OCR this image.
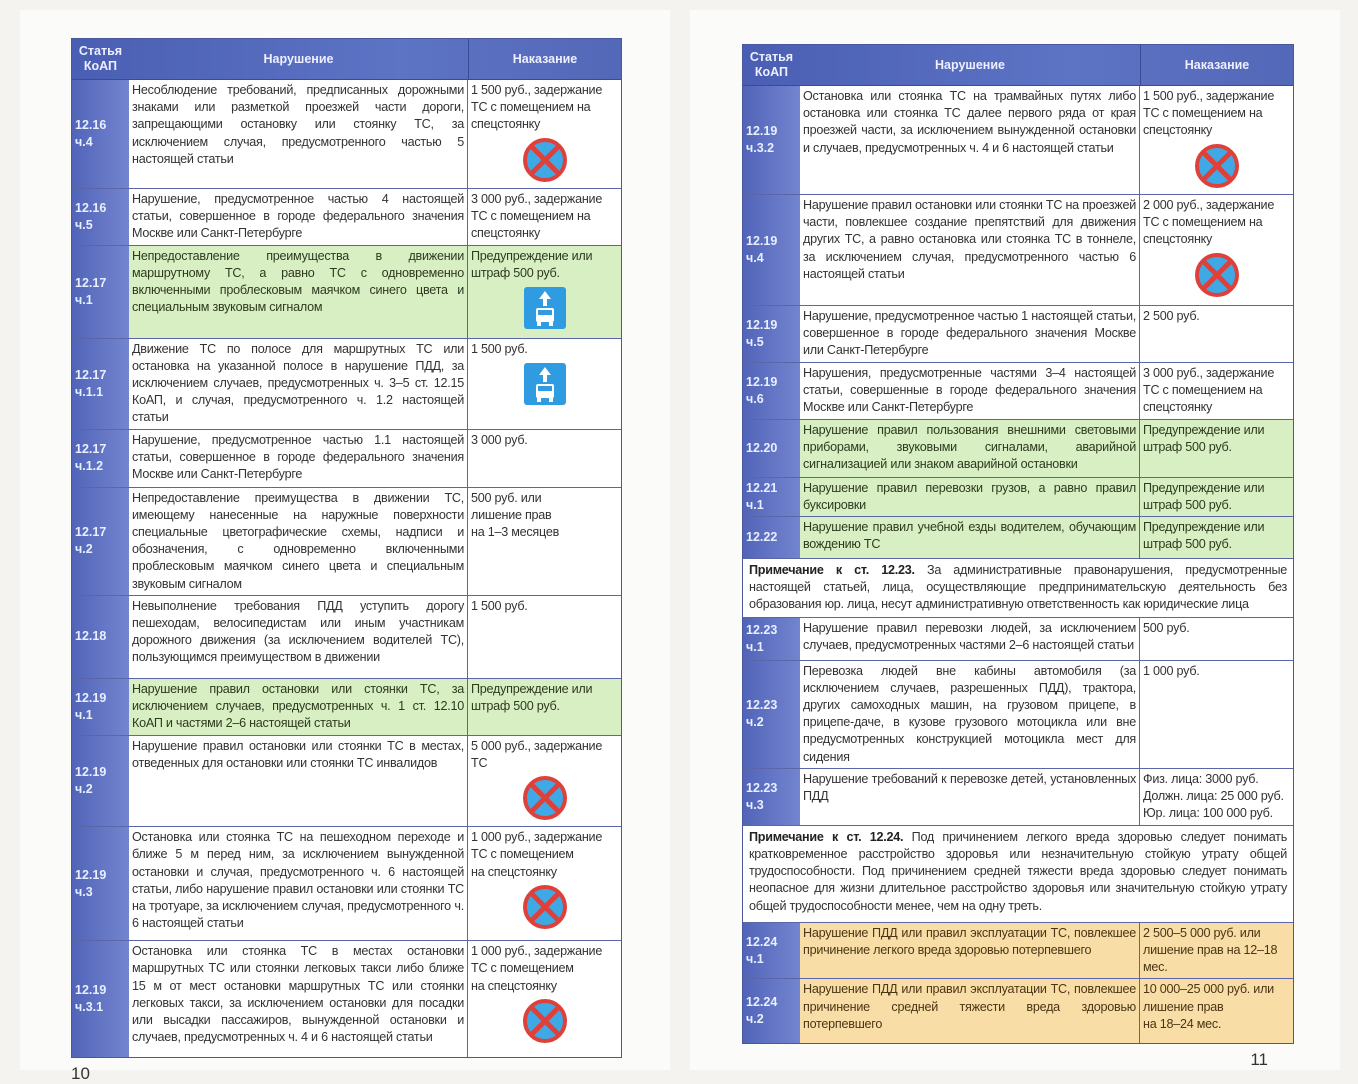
Статья
КоАП
Нарушение	Наказание
12.16
ч.4
Несоблюдение требований, предписанных дорожными знаками или разметкой проезжей части дороги, запрещающими остановку или стоянку ТС, за исключением случая, предусмотренного частью 5 настоящей статьи
1 500 руб., задержание ТС с помещением на спецстоянку
12.16
ч.5
Нарушение, предусмотренное частью 4 настоящей статьи, совершенное в городе федерального значения Москве или Санкт-Петербурге
3 000 руб., задержание ТС с помещением на спецстоянку
12.17
ч.1
Непредоставление преимущества в движении маршрутному ТС, а равно ТС с одновременно включенными проблесковым маячком синего цвета и специальным звуковым сигналом
Предупреждение или штраф 500 руб.
12.17
ч.1.1
Движение ТС по полосе для маршрутных ТС или остановка на указанной полосе в нарушение ПДД, за исключением случаев, предусмотренных ч. 3–5 ст. 12.15 КоАП, и случая, предусмотренного ч. 1.2 настоящей статьи
1 500 руб.
12.17
ч.1.2
Нарушение, предусмотренное частью 1.1 настоящей статьи, совершенное в городе федерального значения Москве или Санкт-Петербурге
3 000 руб.
12.17
ч.2
Непредоставление преимущества в движении ТС, имеющему нанесенные на наружные поверхности специальные цветографические схемы, надписи и обозначения, с одновременно включенными проблесковым маячком синего цвета и специальным звуковым сигналом
500 руб. или
лишение прав
на 1–3 месяцев
12.18
Невыполнение требования ПДД уступить дорогу пешеходам, велосипедистам или иным участникам дорожного движения (за исключением водителей ТС), пользующимся преимуществом в движении
1 500 руб.
12.19
ч.1
Нарушение правил остановки или стоянки ТС, за исключением случаев, предусмотренных ч. 1 ст. 12.10 КоАП и частями 2–6 настоящей статьи
Предупреждение или штраф 500 руб.
12.19
ч.2
Нарушение правил остановки или стоянки ТС в местах, отведенных для остановки или стоянки ТС инвалидов
5 000 руб., задержание ТС
12.19
ч.3
Остановка или стоянка ТС на пешеходном переходе и ближе 5 м перед ним, за исключением вынужденной остановки и случая, предусмотренного ч. 6 настоящей статьи, либо нарушение правил остановки или стоянки ТС на тротуаре, за исключением случая, предусмотренного ч. 6 настоящей статьи
1 000 руб., задержание ТС с помещением
на спецстоянку
12.19
ч.3.1
Остановка или стоянка ТС в местах остановки маршрутных ТС или стоянки легковых такси либо ближе 15 м от мест остановки маршрутных ТС или стоянки легковых такси, за исключением остановки для посадки или высадки пассажиров, вынужденной остановки и случаев, предусмотренных ч. 4 и 6 настоящей статьи
1 000 руб., задержание ТС с помещением
на спецстоянку
10
Статья
КоАП
Нарушение	Наказание
12.19
ч.3.2
Остановка или стоянка ТС на трамвайных путях либо остановка или стоянка ТС далее первого ряда от края проезжей части, за исключением вынужденной остановки и случаев, предусмотренных ч. 4 и 6 настоящей статьи
1 500 руб., задержание ТС с помещением на спецстоянку
12.19
ч.4
Нарушение правил остановки или стоянки ТС на проезжей части, повлекшее создание препятствий для движения других ТС, а равно остановка или стоянка ТС в тоннеле, за исключением случая, предусмотренного частью 6 настоящей статьи
2 000 руб., задержание ТС с помещением на спецстоянку
12.19
ч.5
Нарушение, предусмотренное частью 1 настоящей статьи, совершенное в городе федерального значения Москве или Санкт-Петербурге
2 500 руб.
12.19
ч.6
Нарушения, предусмотренные частями 3–4 настоящей статьи, совершенные в городе федерального значения Москве или Санкт-Петербурге
3 000 руб., задержание ТС с помещением на спецстоянку
12.20
Нарушение правил пользования внешними световыми приборами, звуковыми сигналами, аварийной сигнализацией или знаком аварийной остановки
Предупреждение или штраф 500 руб.
12.21
ч.1
Нарушение правил перевозки грузов, а равно правил буксировки
Предупреждение или штраф 500 руб.
12.22
Нарушение правил учебной езды водителем, обучающим вождению ТС
Предупреждение или штраф 500 руб.
Примечание к ст. 12.23. За административные правонарушения, предусмотренные настоящей статьей, лица, осуществляющие предпринимательскую деятельность без образования юр. лица, несут административную ответственность как юридические лица
12.23
ч.1
Нарушение правил перевозки людей, за исключением случаев, предусмотренных частями 2–6 настоящей статьи
500 руб.
12.23
ч.2
Перевозка людей вне кабины автомобиля (за исключением случаев, разрешенных ПДД), трактора, других самоходных машин, на грузовом прицепе, в прицепе-даче, в кузове грузового мотоцикла или вне предусмотренных конструкцией мотоцикла мест для сидения
1 000 руб.
12.23
ч.3
Нарушение требований к перевозке детей, установленных ПДД
Физ. лица: 3000 руб.
Должн. лица: 25 000 руб.
Юр. лица: 100 000 руб.
Примечание к ст. 12.24. Под причинением легкого вреда здоровью следует понимать кратковременное расстройство здоровья или незначительную стойкую утрату общей трудоспособности. Под причинением средней тяжести вреда здоровью следует понимать неопасное для жизни длительное расстройство здоровья или значительную стойкую утрату общей трудоспособности менее, чем на одну треть.
12.24
ч.1
Нарушение ПДД или правил эксплуатации ТС, повлекшее причинение легкого вреда здоровью потерпевшего
2 500–5 000 руб. или лишение прав на 12–18 мес.
12.24
ч.2
Нарушение ПДД или правил эксплуатации ТС, повлекшее причинение средней тяжести вреда здоровью потерпевшего
10 000–25 000 руб. или
лишение прав
на 18–24 мес.
11
